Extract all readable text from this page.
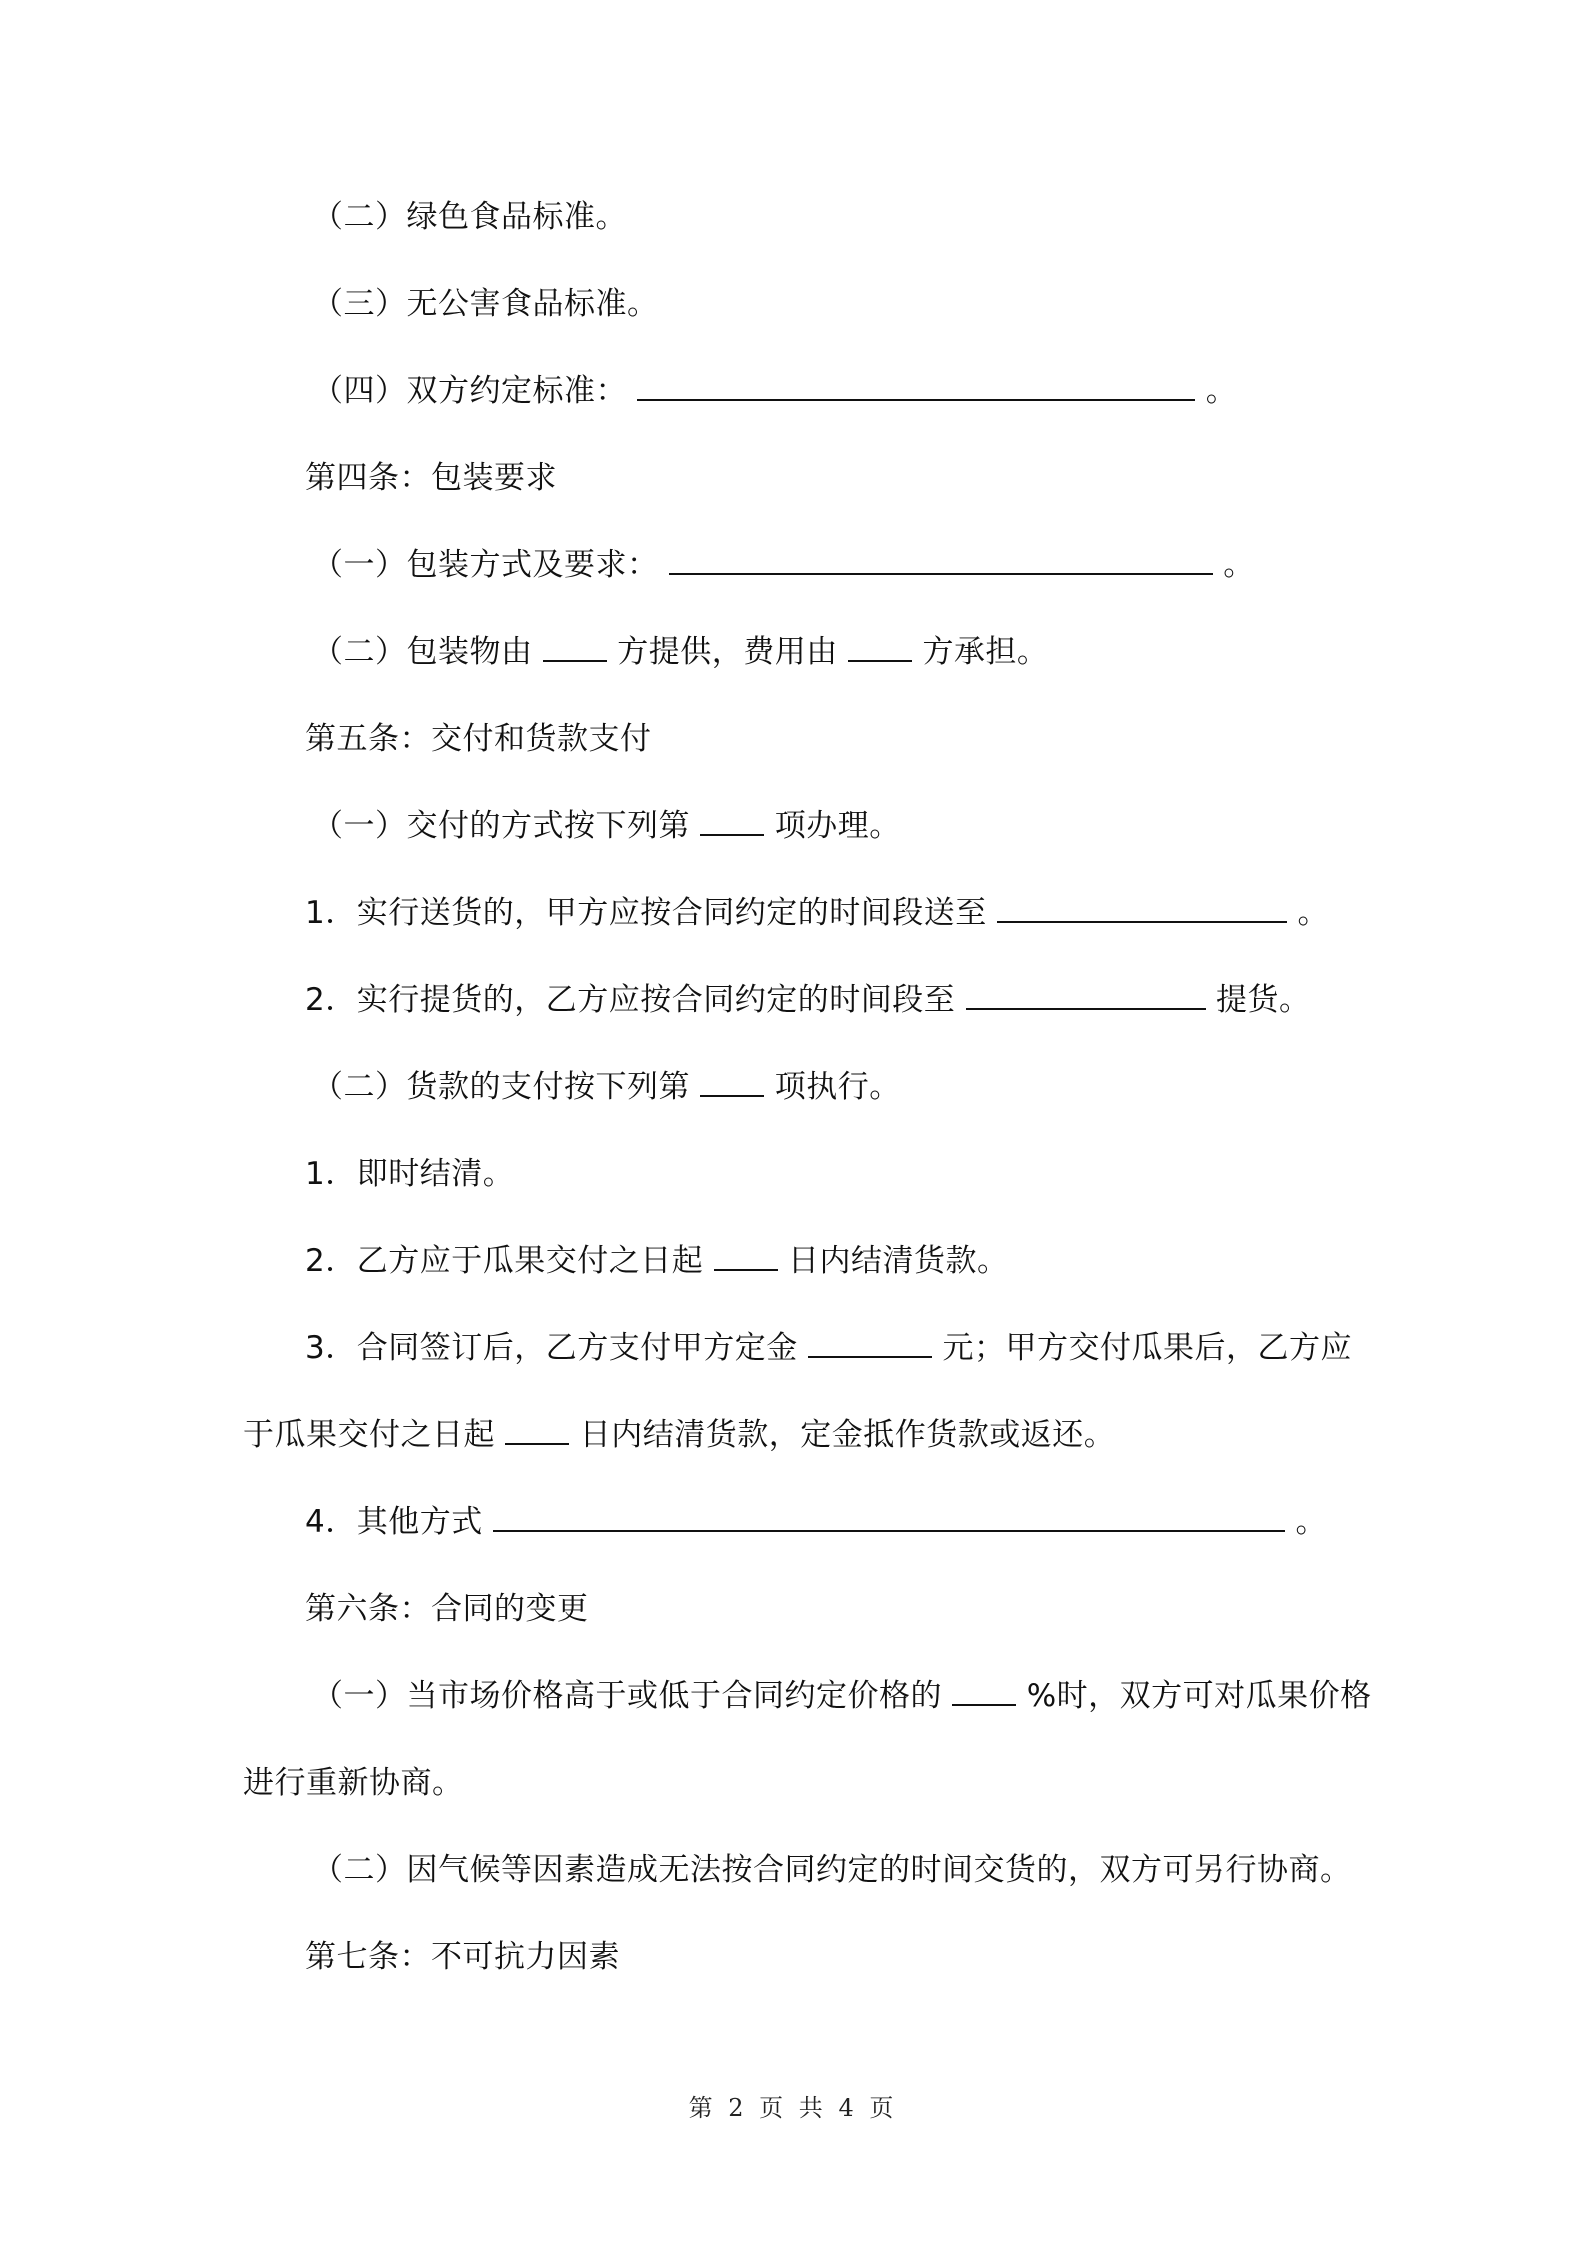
（二）绿色食品标准。
（三）无公害食品标准。
（四）双方约定标准：	。
第四条：包装要求
（一）包装方式及要求：	。
（二）包装物由	方提供，费用由	方承担。
第五条：交付和货款支付
（一）交付的方式按下列第	项办理。
1．实行送货的，甲方应按合同约定的时间段送至	。
2．实行提货的，乙方应按合同约定的时间段至	提货。
（二）货款的支付按下列第	项执行。
1．即时结清。
2．乙方应于瓜果交付之日起	日内结清货款。
3．合同签订后，乙方支付甲方定金	元；甲方交付瓜果后，乙方应
于瓜果交付之日起	日内结清货款，定金抵作货款或返还。
4．其他方式	。
第六条：合同的变更
（一）当市场价格高于或低于合同约定价格的	%时，双方可对瓜果价格
进行重新协商。
（二）因气候等因素造成无法按合同约定的时间交货的，双方可另行协商。
第七条：不可抗力因素
第 2 页 共 4 页
